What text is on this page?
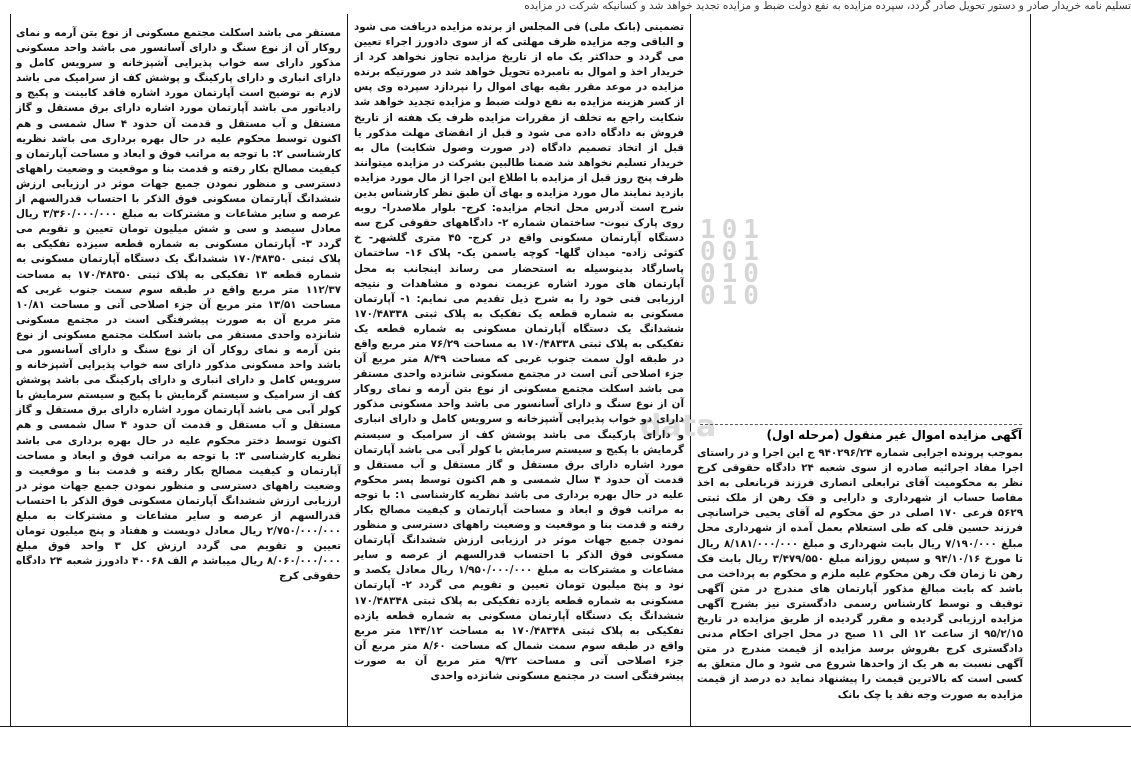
تسلیم نامه خریدار صادر و دستور تحویل صادر گردد، سپرده مزایده به نفع دولت ضبط و مزایده تجدید خواهد شد و کسانیکه شرکت در مزایده
101
001
010
010
data

مستقر می باشد اسکلت مجتمع مسکونی از نوع بتن آرمه و نمای روکار آن از نوع سنگ و دارای آسانسور می باشد واحد مسکونی مذکور دارای سه خواب پذیرایی آشپزخانه و سرویس کامل و دارای انباری و دارای پارکینگ و پوشش کف از سرامیک می باشد لازم به توضیح است آپارتمان مورد اشاره فاقد کابینت و پکیج و رادیاتور می باشد آپارتمان مورد اشاره دارای برق مستقل و گاز مستقل و آب مستقل و قدمت آن حدود ۴ سال شمسی و هم اکنون توسط محکوم علیه در حال بهره برداری می باشد نظریه کارشناسی ۲: با توجه به مراتب فوق و ابعاد و مساحت آپارتمان و کیفیت مصالح بکار رفته و قدمت بنا و موقعیت و وضعیت راههای دسترسی و منظور نمودن جمیع جهات موثر در ارزیابی ارزش ششدانگ آپارتمان مسکونی فوق الذکر با احتساب قدرالسهم از عرصه و سایر مشاعات و مشترکات به مبلغ ۳/۳۶۰/۰۰۰/۰۰۰ ریال معادل سیصد و سی و شش میلیون تومان تعیین و تقویم می گردد ۳- آپارتمان مسکونی به شماره قطعه سیزده تفکیکی به پلاک ثبتی ۱۷۰/۴۸۳۵۰ ششدانگ یک دستگاه آپارتمان مسکونی به شماره قطعه ۱۳ تفکیکی به پلاک ثبتی ۱۷۰/۴۸۳۵۰ به مساحت ۱۱۲/۳۷ متر مربع واقع در طبقه سوم سمت جنوب غربی که مساحت ۱۳/۵۱ متر مربع آن جزء اصلاحی آتی و مساحت ۱۰/۸۱ متر مربع آن به صورت پیشرفتگی است در مجتمع مسکونی شانزده واحدی مستقر می باشد اسکلت مجتمع مسکونی از نوع بتن آرمه و نمای روکار آن از نوع سنگ و دارای آسانسور می باشد واحد مسکونی مذکور دارای سه خواب پذیرایی آشپزخانه و سرویس کامل و دارای انباری و دارای پارکینگ می باشد پوشش کف از سرامیک و سیستم گرمایش با پکیج و سیستم سرمایش با کولر آبی می باشد آپارتمان مورد اشاره دارای برق مستقل و گاز مستقل و آب مستقل و قدمت آن حدود ۴ سال شمسی و هم اکنون توسط دختر محکوم علیه در حال بهره برداری می باشد نظریه کارشناسی ۳: با توجه به مراتب فوق و ابعاد و مساحت آپارتمان و کیفیت مصالح بکار رفته و قدمت بنا و موقعیت و وضعیت راههای دسترسی و منظور نمودن جمیع جهات موثر در ارزیابی ارزش ششدانگ آپارتمان مسکونی فوق الذکر با احتساب قدرالسهم از عرصه و سایر مشاعات و مشترکات به مبلغ ۲/۷۵۰/۰۰۰/۰۰۰ ریال معادل دویست و هفتاد و پنج میلیون تومان تعیین و تقویم می گردد ارزش کل ۳ واحد فوق مبلغ ۸/۰۶۰/۰۰۰/۰۰۰ ریال میباشد م الف ۴۰۰۶۸ دادورز شعبه ۲۴ دادگاه حقوقی کرج

تضمینی (بانک ملی) فی المجلس از برنده مزایده دریافت می شود و الباقی وجه مزایده ظرف مهلتی که از سوی دادورز اجراء تعیین می گردد و حداکثر یک ماه از تاریخ مزایده تجاوز نخواهد کرد از خریدار اخذ و اموال به نامبرده تحویل خواهد شد در صورتیکه برنده مزایده در موعد مقرر بقیه بهای اموال را نپردازد سپرده وی پس از کسر هزینه مزایده به نفع دولت ضبط و مزایده تجدید خواهد شد شکایت راجع به تخلف از مقررات مزایده ظرف یک هفته از تاریخ فروش به دادگاه داده می شود و قبل از انقضای مهلت مذکور یا قبل از اتخاذ تصمیم دادگاه (در صورت وصول شکایت) مال به خریدار تسلیم نخواهد شد ضمنا طالبین بشرکت در مزایده میتوانند ظرف پنج روز قبل از مزایده با اطلاع این اجرا از مال مورد مزایده بازدید نمایند مال مورد مزایده و بهای آن طبق نظر کارشناس بدین شرح است آدرس محل انجام مزایده: کرج- بلوار ملاصدرا- روبه روی پارک نبوت- ساختمان شماره ۲- دادگاههای حقوقی کرج سه دستگاه آپارتمان مسکونی واقع در کرج- ۴۵ متری گلشهر- خ کتوئی زاده- میدان گلها- کوچه یاسمن یک- پلاک ۱۶- ساختمان پاسارگاد بدینوسیله به استحضار می رساند اینجانب به محل آپارتمان های مورد اشاره عزیمت نموده و مشاهدات و نتیجه ارزیابی فنی خود را به شرح ذیل تقدیم می نمایم: ۱- آپارتمان مسکونی به شماره قطعه یک تفکیک به پلاک ثبتی ۱۷۰/۴۸۳۳۸ ششدانگ یک دستگاه آپارتمان مسکونی به شماره قطعه یک تفکیکی به پلاک ثبتی ۱۷۰/۴۸۳۳۸ به مساحت ۷۶/۲۹ متر مربع واقع در طبقه اول سمت جنوب غربی که مساحت ۸/۴۹ متر مربع آن جزء اصلاحی آتی است در مجتمع مسکونی شانزده واحدی مستقر می باشد اسکلت مجتمع مسکونی از نوع بتن آرمه و نمای روکار آن از نوع سنگ و دارای آسانسور می باشد واحد مسکونی مذکور دارای دو خواب پذیرایی آشپزخانه و سرویس کامل و دارای انباری و دارای پارکینگ می باشد پوشش کف از سرامیک و سیستم گرمایش با پکیج و سیستم سرمایش با کولر آبی می باشد آپارتمان مورد اشاره دارای برق مستقل و گاز مستقل و آب مستقل و قدمت آن حدود ۴ سال شمسی و هم اکنون توسط پسر محکوم علیه در حال بهره برداری می باشد نظریه کارشناسی ۱: با توجه به مراتب فوق و ابعاد و مساحت آپارتمان و کیفیت مصالح بکار رفته و قدمت بنا و موقعیت و وضعیت راههای دسترسی و منظور نمودن جمیع جهات موثر در ارزیابی ارزش ششدانگ آپارتمان مسکونی فوق الذکر با احتساب قدرالسهم از عرصه و سایر مشاعات و مشترکات به مبلغ ۱/۹۵۰/۰۰۰/۰۰۰ ریال معادل یکصد و نود و پنج میلیون تومان تعیین و تقویم می گردد ۲- آپارتمان مسکونی به شماره قطعه یازده تفکیکی به پلاک ثبتی ۱۷۰/۴۸۳۴۸ ششدانگ یک دستگاه آپارتمان مسکونی به شماره قطعه یازده تفکیکی به پلاک ثبتی ۱۷۰/۴۸۳۴۸ به مساحت ۱۴۴/۱۲ متر مربع واقع در طبقه سوم سمت شمال که مساحت ۸/۶۰ متر مربع آن جزء اصلاحی آتی و مساحت ۹/۳۲ متر مربع آن به صورت پیشرفتگی است در مجتمع مسکونی شانزده واحدی

آگهی مزایده اموال غیر منقول (مرحله اول)

بموجب پرونده اجرایی شماره ۹۴۰۲۹۶/۲۴ ج این اجرا و در راستای اجرا مفاد اجرائیه صادره از سوی شعبه ۲۴ دادگاه حقوقی کرج نظر به محکومیت آقای ترابعلی انصاری فرزند قربانعلی به اخذ مفاصا حساب از شهرداری و دارایی و فک رهن از ملک ثبتی ۵۶۲۹ فرعی ۱۷۰ اصلی در حق محکوم له آقای یحیی خراسانچی فرزند حسین قلی که طی استعلام بعمل آمده از شهرداری محل مبلغ ۷/۱۹۰/۰۰۰ ریال بابت شهرداری و مبلغ ۸/۱۸۱/۰۰۰/۰۰۰ ریال تا مورخ ۹۴/۱۰/۱۶ و سپس روزانه مبلغ ۳/۴۷۹/۵۵۰ ریال بابت فک رهن تا زمان فک رهن محکوم علیه ملزم و محکوم به پرداخت می باشد که بابت مبالغ مذکور آپارتمان های مندرج در متن آگهی توقیف و توسط کارشناس رسمی دادگستری نیز بشرح آگهی مزایده ارزیابی گردیده و مقرر گردیده از طریق مزایده در تاریخ ۹۵/۲/۱۵ از ساعت ۱۲ الی ۱۱ صبح در محل اجرای احکام مدنی دادگستری کرج بفروش برسد مزایده از قیمت مندرج در متن آگهی نسبت به هر یک از واحدها شروع می شود و مال متعلق به کسی است که بالاترین قیمت را پیشنهاد نماید ده درصد از قیمت مزایده به صورت وجه نقد یا چک بانک
